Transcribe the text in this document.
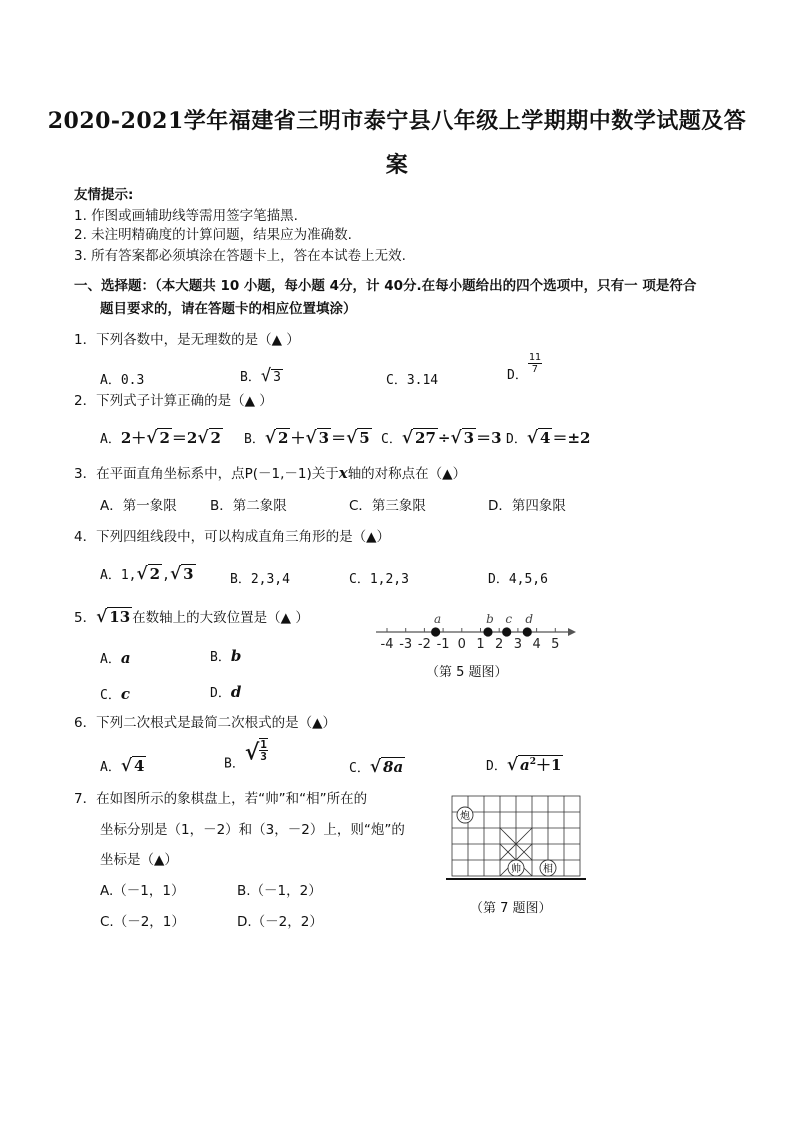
2020-2021学年福建省三明市泰宁县八年级上学期期中数学试题及答
案
友情提示:
1. 作图或画辅助线等需用签字笔描黑.
2. 未注明精确度的计算问题，结果应为准确数.
3. 所有答案都必须填涂在答题卡上，答在本试卷上无效.
一、选择题：（本大题共 10 小题，每小题 4分，计 40分.在每小题给出的四个选项中，只有一 项是符合
题目要求的，请在答题卡的相应位置填涂）
1．下列各数中，是无理数的是（▲ ）
A．0.3	B．√ 3	C．3.14	D．
$\frac{11}{7}$
2．下列式子计算正确的是（▲ ）
A．2＋√ 2 ＝2√ 2 B．√ 2 ＋√ 3 ＝√ 5 C．√ 27 ÷√ 3 ＝3 D．√ 4 ＝±2
3．在平面直角坐标系中，点P(－1,－1)关于x轴的对称点在（▲）
A．第一象限 B．第二象限	C．第三象限	D．第四象限
4．下列四组线段中，可以构成直角三角形的是（▲）
A．1,√ 2 ,√ 3	B．2,3,4	C．1,2,3	D．4,5,6
5．√ 13 在数轴上的大致位置是（▲ ）
A．a	B．b
C．c	D．d
-4 -3 -2 -1 0 1 2 3 4 5
a	b c d
（第 5 题图）
6．下列二次根式是最简二次根式的是（▲）
A．√ 4	B．√ $\frac{1}{3}$
C．√ 8a	D．√ $a^2+1$
7．在如图所示的象棋盘上，若“帅”和“相”所在的
坐标分别是（1，－2）和（3，－2）上，则“炮”的
坐标是（▲）
A.（－1，1）	B.（－1，2）
C.（－2，1）	D.（－2，2）
炮
帅 相
（第 7 题图）
